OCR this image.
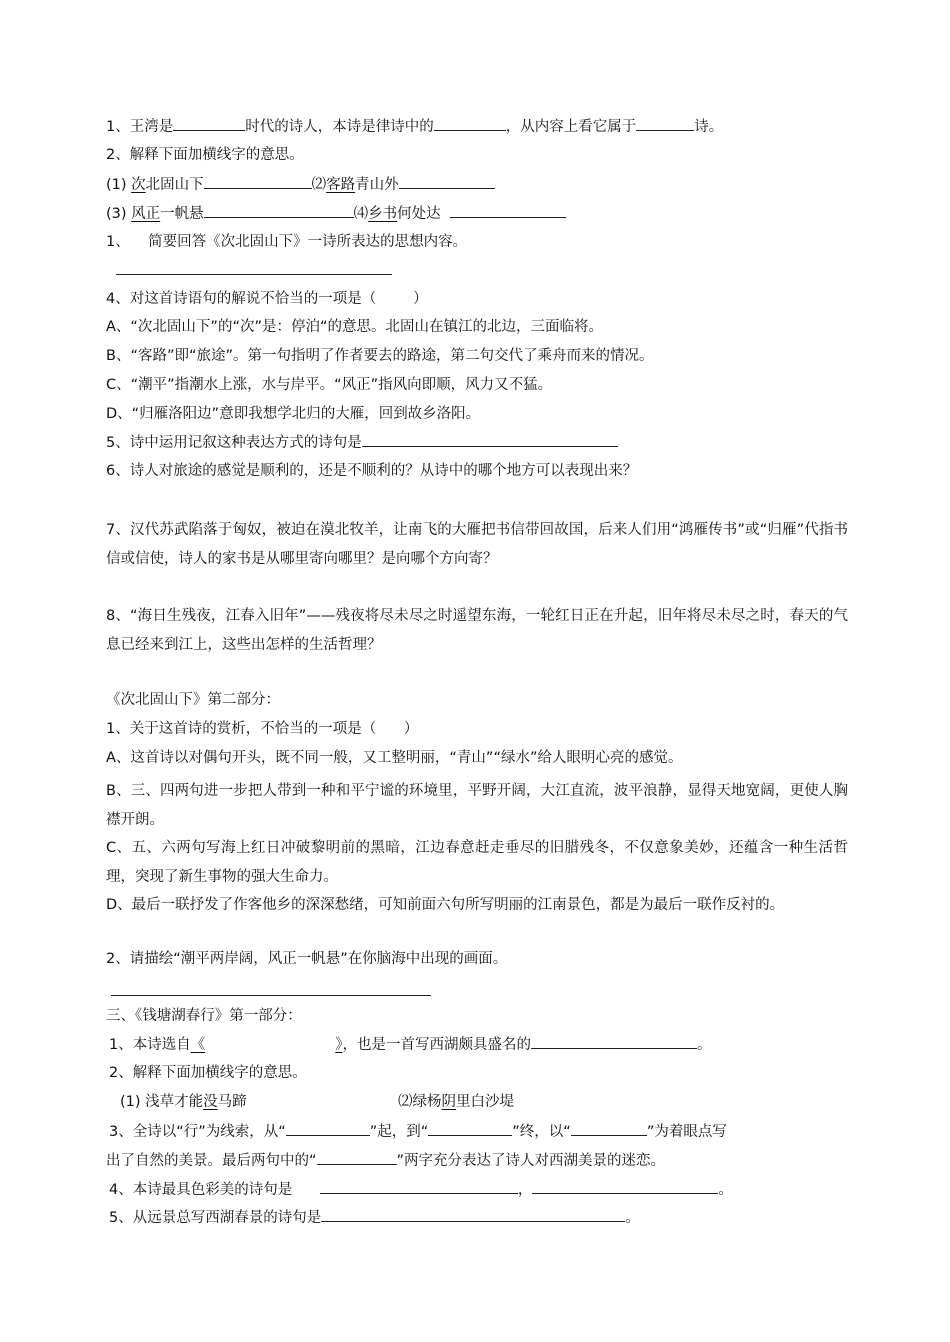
1、王湾是	时代的诗人，本诗是律诗中的	，从内容上看它属于	诗。
2、解释下面加横线字的意思。
(1) 次北固山下	⑵客路青山外
(3) 风正一帆悬	⑷乡书何处达
1、    简要回答《次北固山下》一诗所表达的思想内容。
4、对这首诗语句的解说不恰当的一项是（        ）
A、“次北固山下”的“次”是：停泊“的意思。北固山在镇江的北边，三面临将。
B、“客路”即“旅途”。第一句指明了作者要去的路途，第二句交代了乘舟而来的情况。
C、“潮平”指潮水上涨，水与岸平。“风正”指风向即顺，风力又不猛。
D、“归雁洛阳边”意即我想学北归的大雁，回到故乡洛阳。
5、诗中运用记叙这种表达方式的诗句是
6、诗人对旅途的感觉是顺利的，还是不顺利的？从诗中的哪个地方可以表现出来？
7、汉代苏武陷落于匈奴，被迫在漠北牧羊，让南飞的大雁把书信带回故国，后来人们用“鸿雁传书”或“归雁”代指书信或信使，诗人的家书是从哪里寄向哪里？是向哪个方向寄？
8、“海日生残夜，江春入旧年”——残夜将尽未尽之时遥望东海，一轮红日正在升起，旧年将尽未尽之时，春天的气息已经来到江上，这些出怎样的生活哲理？
《次北固山下》第二部分：
1、关于这首诗的赏析，不恰当的一项是（      ）
A、这首诗以对偶句开头，既不同一般，又工整明丽，“青山”“绿水”给人眼明心亮的感觉。
B、三、四两句进一步把人带到一种和平宁谧的环境里，平野开阔，大江直流，波平浪静，显得天地宽阔，更使人胸襟开朗。
C、五、六两句写海上红日冲破黎明前的黑暗，江边春意赶走垂尽的旧腊残冬，不仅意象美妙，还蕴含一种生活哲理，突现了新生事物的强大生命力。
D、最后一联抒发了作客他乡的深深愁绪，可知前面六句所写明丽的江南景色，都是为最后一联作反衬的。
2、请描绘“潮平两岸阔，风正一帆悬”在你脑海中出现的画面。
三、《钱塘湖春行》第一部分：
1、本诗选自《	》，也是一首写西湖颇具盛名的	。
2、解释下面加横线字的意思。
(1) 浅草才能没马蹄	⑵绿杨阴里白沙堤
3、全诗以“行”为线索，从“	”起，到“	”终，以“	”为着眼点写
出了自然的美景。最后两句中的“	”两字充分表达了诗人对西湖美景的迷恋。
4、本诗最具色彩美的诗句是	，	。
5、从远景总写西湖春景的诗句是	。
